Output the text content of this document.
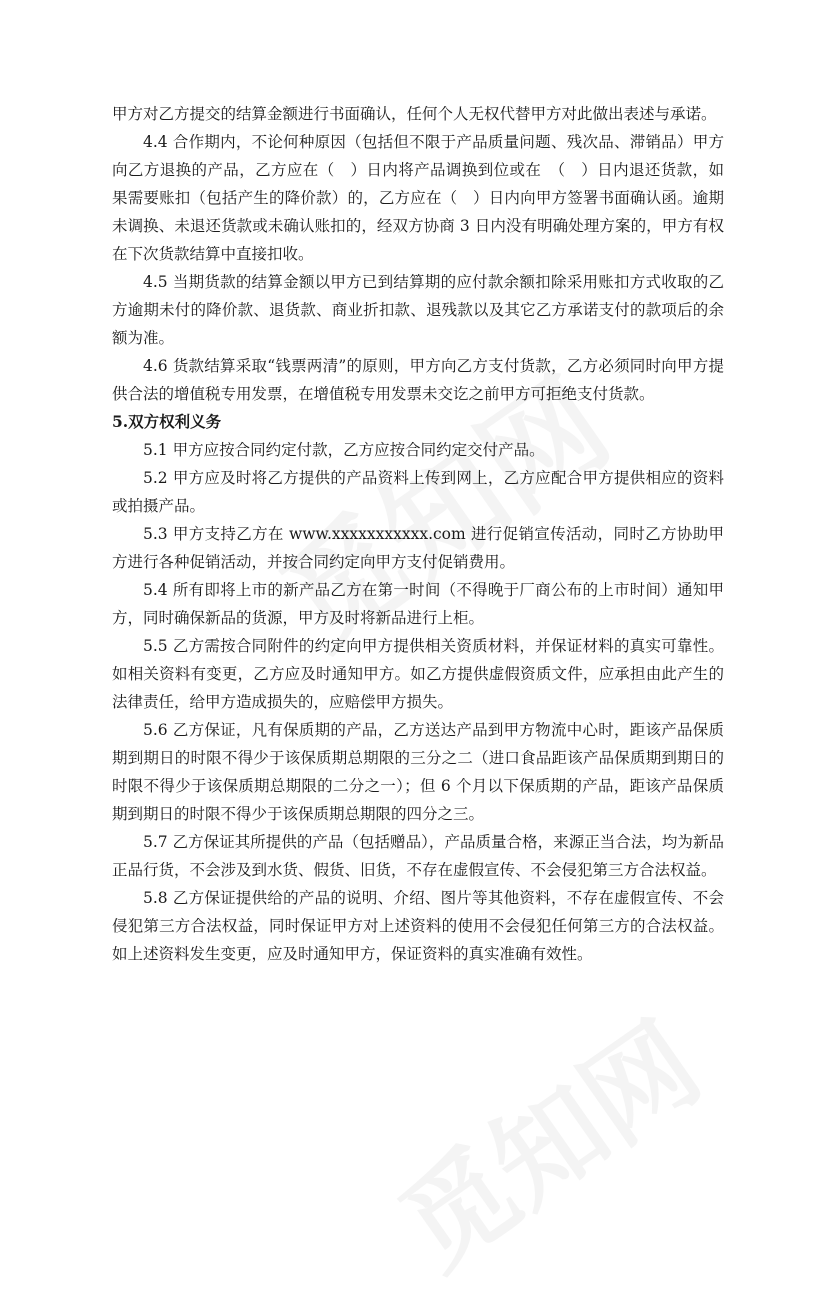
甲方对乙方提交的结算金额进行书面确认，任何个人无权代替甲方对此做出表述与承诺。

4.4 合作期内，不论何种原因（包括但不限于产品质量问题、残次品、滞销品）甲方向乙方退换的产品，乙方应在（　）日内将产品调换到位或在　（　）日内退还货款，如果需要账扣（包括产生的降价款）的，乙方应在（　）日内向甲方签署书面确认函。逾期未调换、未退还货款或未确认账扣的，经双方协商 3 日内没有明确处理方案的，甲方有权在下次货款结算中直接扣收。

4.5 当期货款的结算金额以甲方已到结算期的应付款余额扣除采用账扣方式收取的乙方逾期未付的降价款、退货款、商业折扣款、退残款以及其它乙方承诺支付的款项后的余额为准。

4.6 货款结算采取“钱票两清”的原则，甲方向乙方支付货款，乙方必须同时向甲方提供合法的增值税专用发票，在增值税专用发票未交讫之前甲方可拒绝支付货款。

5.双方权利义务

5.1 甲方应按合同约定付款，乙方应按合同约定交付产品。

5.2 甲方应及时将乙方提供的产品资料上传到网上，乙方应配合甲方提供相应的资料或拍摄产品。

5.3 甲方支持乙方在 www.xxxxxxxxxxx.com 进行促销宣传活动，同时乙方协助甲方进行各种促销活动，并按合同约定向甲方支付促销费用。

5.4 所有即将上市的新产品乙方在第一时间（不得晚于厂商公布的上市时间）通知甲方，同时确保新品的货源，甲方及时将新品进行上柜。

5.5 乙方需按合同附件的约定向甲方提供相关资质材料，并保证材料的真实可靠性。如相关资料有变更，乙方应及时通知甲方。如乙方提供虚假资质文件，应承担由此产生的法律责任，给甲方造成损失的，应赔偿甲方损失。

5.6 乙方保证，凡有保质期的产品，乙方送达产品到甲方物流中心时，距该产品保质期到期日的时限不得少于该保质期总期限的三分之二（进口食品距该产品保质期到期日的时限不得少于该保质期总期限的二分之一）；但 6 个月以下保质期的产品，距该产品保质期到期日的时限不得少于该保质期总期限的四分之三。

5.7 乙方保证其所提供的产品（包括赠品），产品质量合格，来源正当合法，均为新品正品行货，不会涉及到水货、假货、旧货，不存在虚假宣传、不会侵犯第三方合法权益。

5.8 乙方保证提供给的产品的说明、介绍、图片等其他资料，不存在虚假宣传、不会侵犯第三方合法权益，同时保证甲方对上述资料的使用不会侵犯任何第三方的合法权益。如上述资料发生变更，应及时通知甲方，保证资料的真实准确有效性。
